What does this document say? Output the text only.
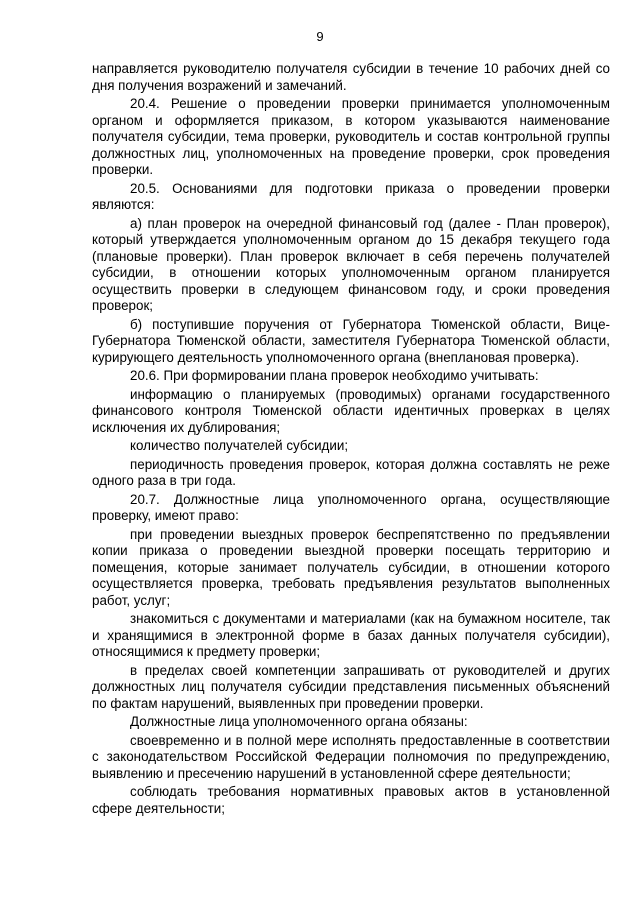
9

направляется руководителю получателя субсидии в течение 10 рабочих дней со дня получения возражений и замечаний.

20.4. Решение о проведении проверки принимается уполномоченным органом и оформляется приказом, в котором указываются наименование получателя субсидии, тема проверки, руководитель и состав контрольной группы должностных лиц, уполномоченных на проведение проверки, срок проведения проверки.

20.5. Основаниями для подготовки приказа о проведении проверки являются:

а) план проверок на очередной финансовый год (далее - План проверок), который утверждается уполномоченным органом до 15 декабря текущего года (плановые проверки). План проверок включает в себя перечень получателей субсидии, в отношении которых уполномоченным органом планируется осуществить проверки в следующем финансовом году, и сроки проведения проверок;

б) поступившие поручения от Губернатора Тюменской области, Вице-Губернатора Тюменской области, заместителя Губернатора Тюменской области, курирующего деятельность уполномоченного органа (внеплановая проверка).

20.6. При формировании плана проверок необходимо учитывать:

информацию о планируемых (проводимых) органами государственного финансового контроля Тюменской области идентичных проверках в целях исключения их дублирования;

количество получателей субсидии;

периодичность проведения проверок, которая должна составлять не реже одного раза в три года.

20.7. Должностные лица уполномоченного органа, осуществляющие проверку, имеют право:

при проведении выездных проверок беспрепятственно по предъявлении копии приказа о проведении выездной проверки посещать территорию и помещения, которые занимает получатель субсидии, в отношении которого осуществляется проверка, требовать предъявления результатов выполненных работ, услуг;

знакомиться с документами и материалами (как на бумажном носителе, так и хранящимися в электронной форме в базах данных получателя субсидии), относящимися к предмету проверки;

в пределах своей компетенции запрашивать от руководителей и других должностных лиц получателя субсидии представления письменных объяснений по фактам нарушений, выявленных при проведении проверки.

Должностные лица уполномоченного органа обязаны:

своевременно и в полной мере исполнять предоставленные в соответствии с законодательством Российской Федерации полномочия по предупреждению, выявлению и пресечению нарушений в установленной сфере деятельности;

соблюдать требования нормативных правовых актов в установленной сфере деятельности;
